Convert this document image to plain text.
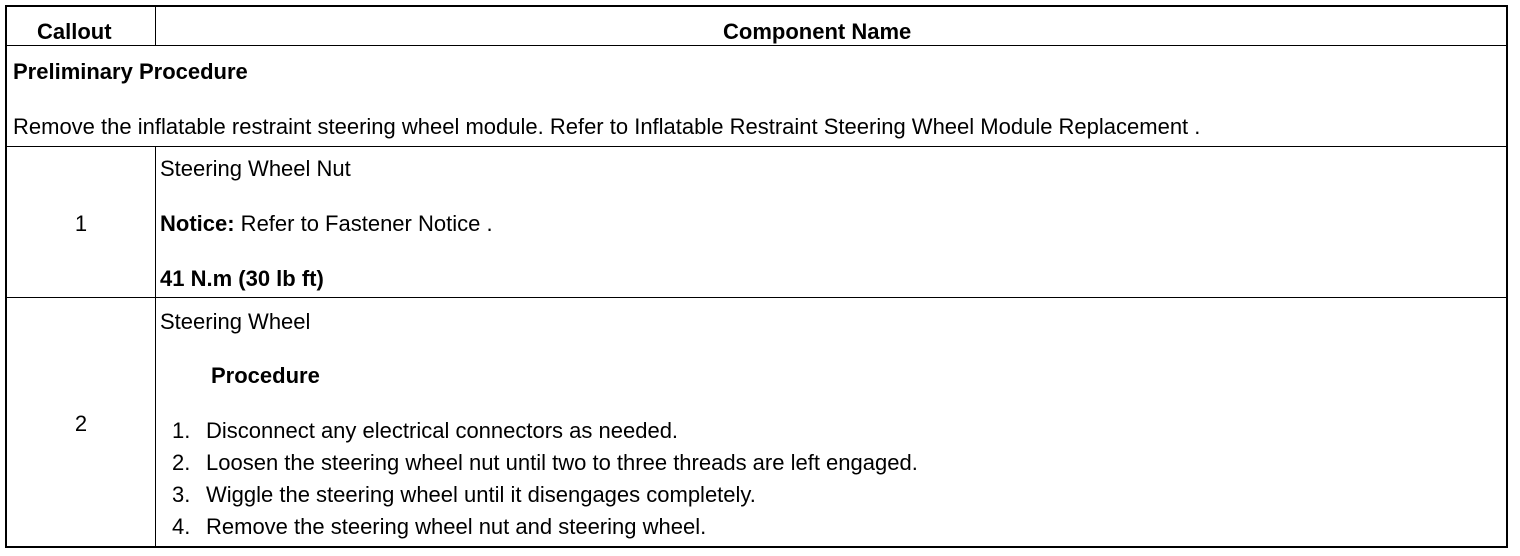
Callout	Component Name
Preliminary Procedure
Remove the inflatable restraint steering wheel module. Refer to Inflatable Restraint Steering Wheel Module Replacement .
1
Steering Wheel Nut
Notice: Refer to Fastener Notice .
41 N.m (30 lb ft)
2
Steering Wheel
Procedure
1. Disconnect any electrical connectors as needed.
2. Loosen the steering wheel nut until two to three threads are left engaged.
3. Wiggle the steering wheel until it disengages completely.
4. Remove the steering wheel nut and steering wheel.
